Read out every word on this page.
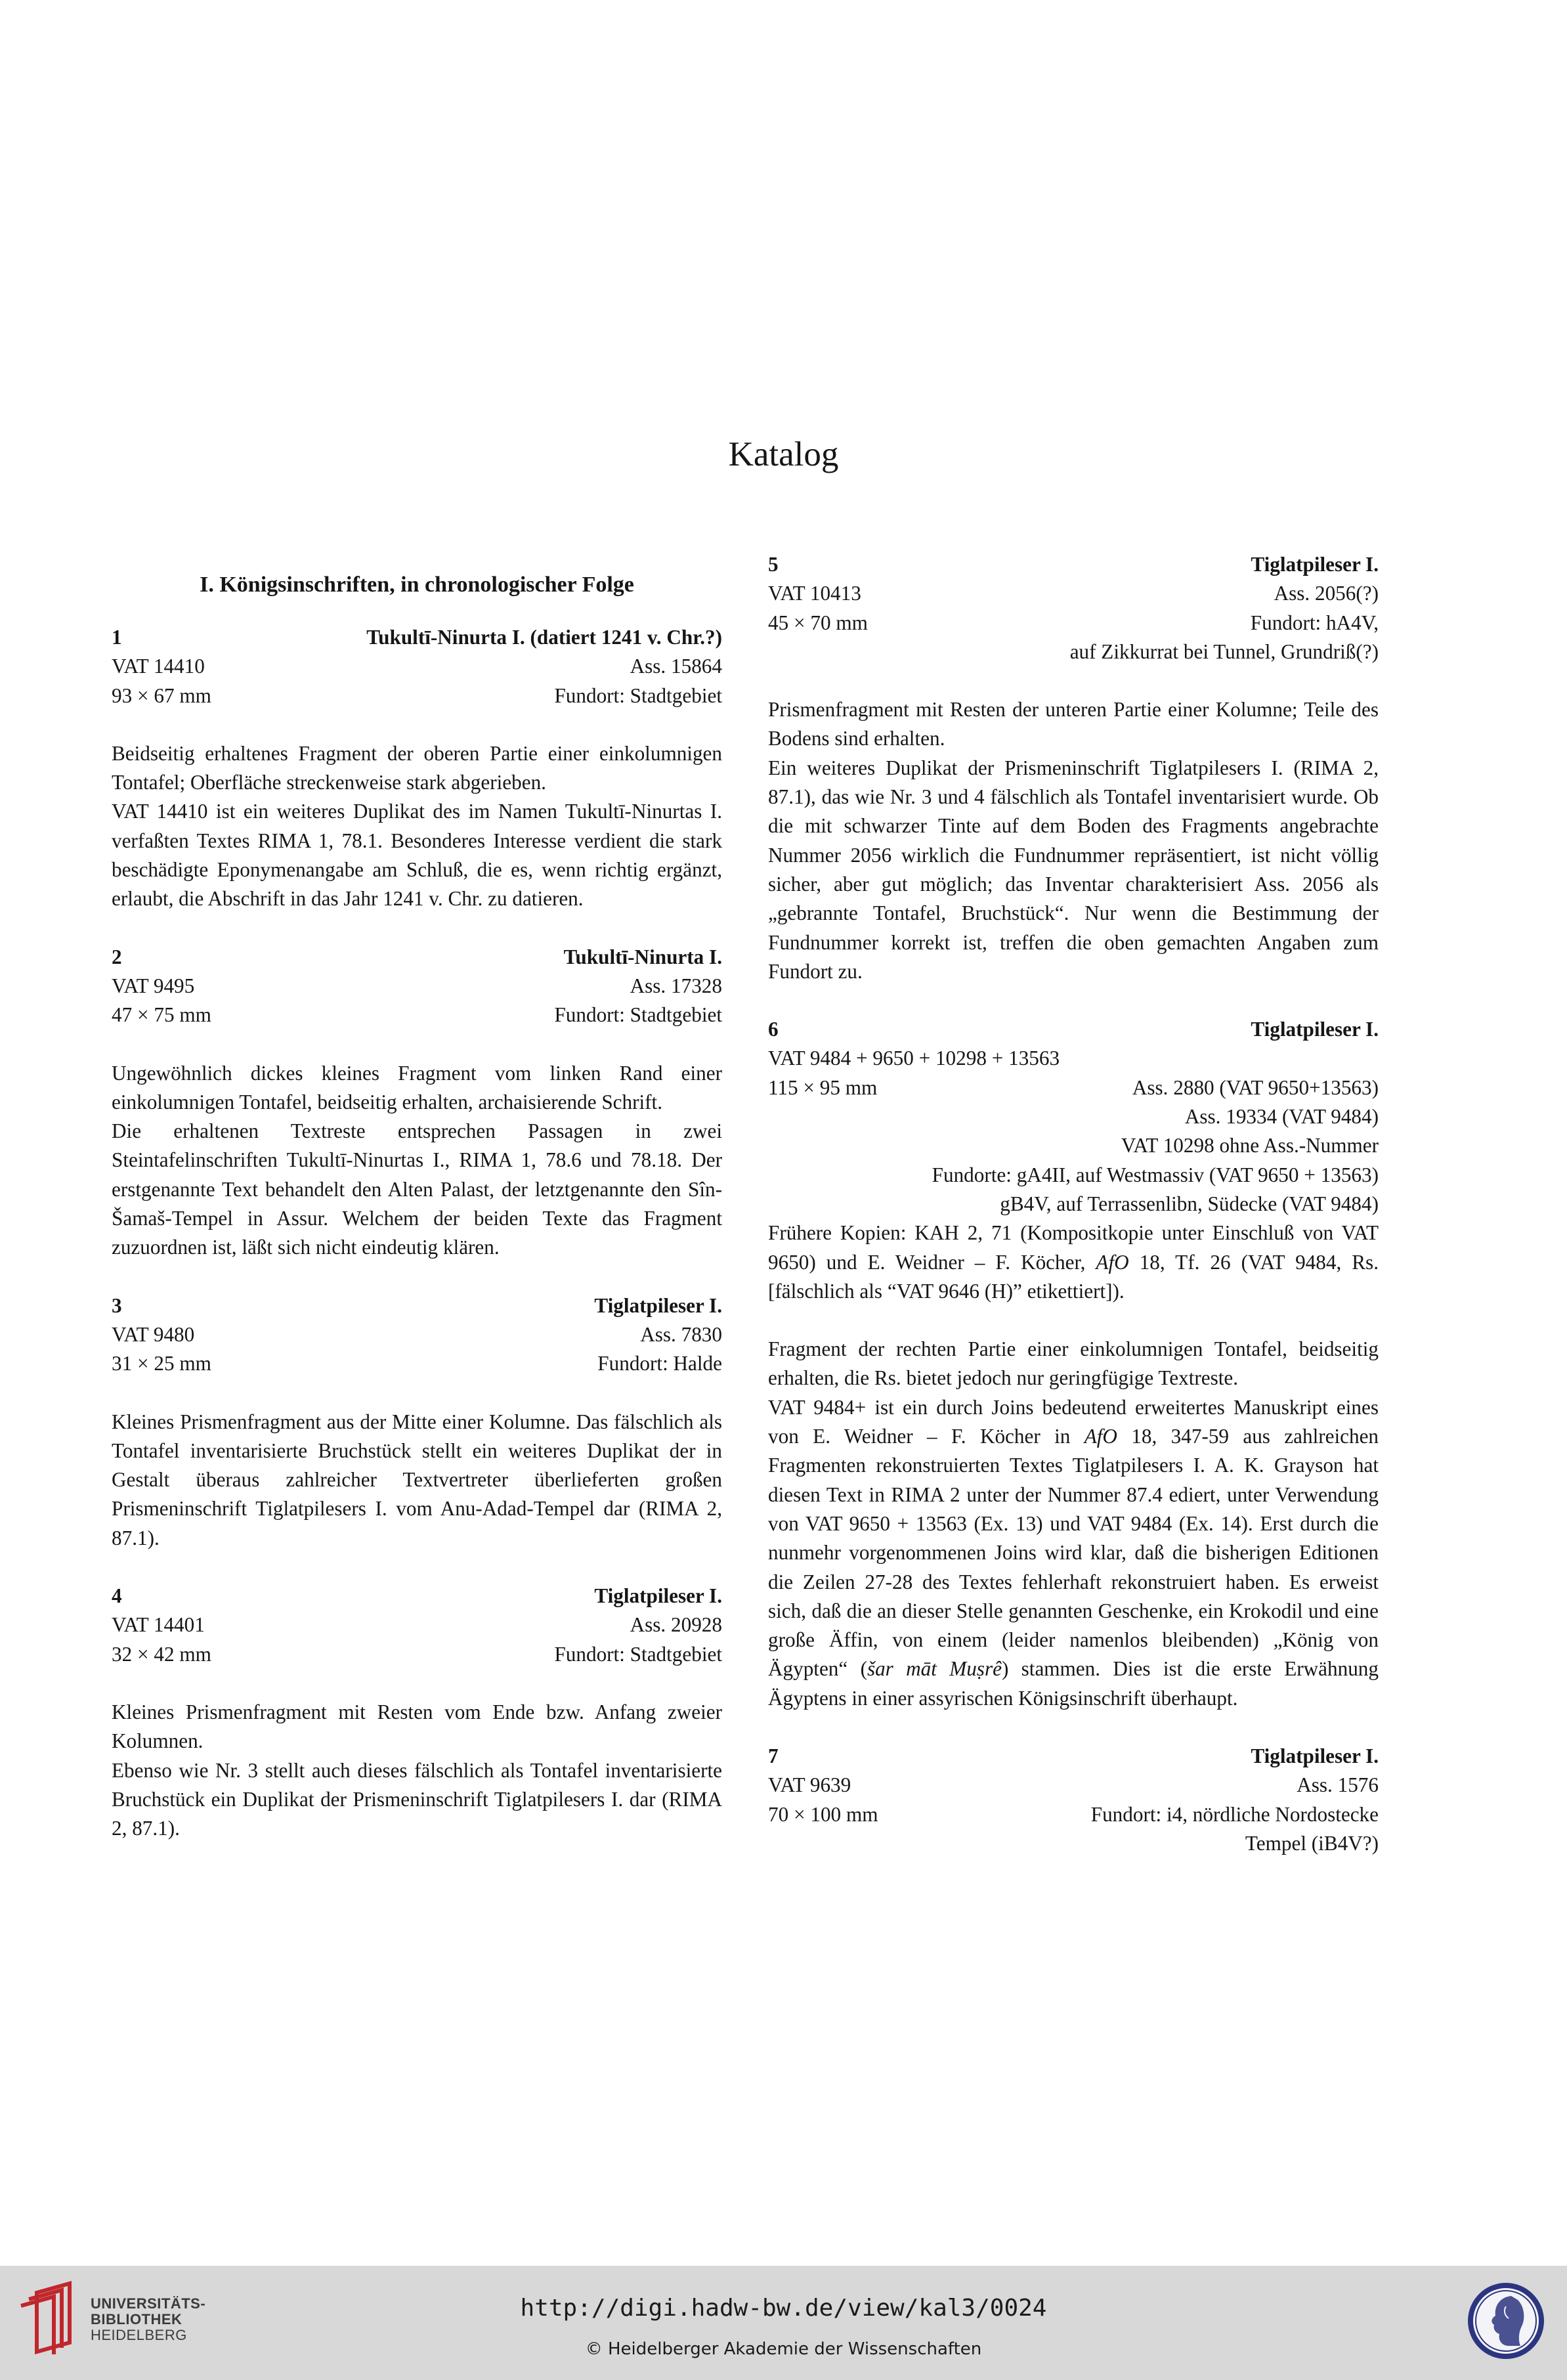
Katalog
I. Königsinschriften, in chronologischer Folge
1	Tukultī-Ninurta I. (datiert 1241 v. Chr.?)
VAT 14410	Ass. 15864
93 × 67 mm	Fundort: Stadtgebiet

Beidseitig erhaltenes Fragment der oberen Partie einer einkolumnigen Tontafel; Oberfläche streckenweise stark abgerieben.

VAT 14410 ist ein weiteres Duplikat des im Namen Tukultī-Ninurtas I. verfaßten Textes RIMA 1, 78.1. Besonderes Interesse verdient die stark beschädigte Eponymenangabe am Schluß, die es, wenn richtig ergänzt, erlaubt, die Abschrift in das Jahr 1241 v. Chr. zu datieren.

2	Tukultī-Ninurta I.
VAT 9495	Ass. 17328
47 × 75 mm	Fundort: Stadtgebiet

Ungewöhnlich dickes kleines Fragment vom linken Rand einer einkolumnigen Tontafel, beidseitig erhalten, archaisierende Schrift.

Die erhaltenen Textreste entsprechen Passagen in zwei Steintafelinschriften Tukultī-Ninurtas I., RIMA 1, 78.6 und 78.18. Der erstgenannte Text behandelt den Alten Palast, der letztgenannte den Sîn-Šamaš-Tempel in Assur. Welchem der beiden Texte das Fragment zuzuordnen ist, läßt sich nicht eindeutig klären.

3	Tiglatpileser I.
VAT 9480	Ass. 7830
31 × 25 mm	Fundort: Halde

Kleines Prismenfragment aus der Mitte einer Kolumne. Das fälschlich als Tontafel inventarisierte Bruchstück stellt ein weiteres Duplikat der in Gestalt überaus zahlreicher Textvertreter überlieferten großen Prismeninschrift Tiglatpilesers I. vom Anu-Adad-Tempel dar (RIMA 2, 87.1).

4	Tiglatpileser I.
VAT 14401	Ass. 20928
32 × 42 mm	Fundort: Stadtgebiet

Kleines Prismenfragment mit Resten vom Ende bzw. Anfang zweier Kolumnen.

Ebenso wie Nr. 3 stellt auch dieses fälschlich als Tontafel inventarisierte Bruchstück ein Duplikat der Prismeninschrift Tiglatpilesers I. dar (RIMA 2, 87.1).

5	Tiglatpileser I.
VAT 10413	Ass. 2056(?)
45 × 70 mm	Fundort: hA4V,
auf Zikkurrat bei Tunnel, Grundriß(?)

Prismenfragment mit Resten der unteren Partie einer Kolumne; Teile des Bodens sind erhalten.

Ein weiteres Duplikat der Prismeninschrift Tiglatpilesers I. (RIMA 2, 87.1), das wie Nr. 3 und 4 fälschlich als Tontafel inventarisiert wurde. Ob die mit schwarzer Tinte auf dem Boden des Fragments angebrachte Nummer 2056 wirklich die Fundnummer repräsentiert, ist nicht völlig sicher, aber gut möglich; das Inventar charakterisiert Ass. 2056 als „gebrannte Tontafel, Bruchstück“. Nur wenn die Bestimmung der Fundnummer korrekt ist, treffen die oben gemachten Angaben zum Fundort zu.

6	Tiglatpileser I.
VAT 9484 + 9650 + 10298 + 13563
115 × 95 mm	Ass. 2880 (VAT 9650+13563)
Ass. 19334 (VAT 9484)
VAT 10298 ohne Ass.-Nummer
Fundorte: gA4II, auf Westmassiv (VAT 9650 + 13563)
gB4V, auf Terrassenlibn, Südecke (VAT 9484)
Frühere Kopien: KAH 2, 71 (Kompositkopie unter Einschluß von VAT 9650) und E. Weidner – F. Köcher, AfO 18, Tf. 26 (VAT 9484, Rs. [fälschlich als “VAT 9646 (H)” etikettiert]).

Fragment der rechten Partie einer einkolumnigen Tontafel, beidseitig erhalten, die Rs. bietet jedoch nur geringfügige Textreste.

VAT 9484+ ist ein durch Joins bedeutend erweitertes Manuskript eines von E. Weidner – F. Köcher in AfO 18, 347-59 aus zahlreichen Fragmenten rekonstruierten Textes Tiglatpilesers I. A. K. Grayson hat diesen Text in RIMA 2 unter der Nummer 87.4 ediert, unter Verwendung von VAT 9650 + 13563 (Ex. 13) und VAT 9484 (Ex. 14). Erst durch die nunmehr vorgenommenen Joins wird klar, daß die bisherigen Editionen die Zeilen 27-28 des Textes fehlerhaft rekonstruiert haben. Es erweist sich, daß die an dieser Stelle genannten Geschenke, ein Krokodil und eine große Äffin, von einem (leider namenlos bleibenden) „König von Ägypten“ (šar māt Muṣrê) stammen. Dies ist die erste Erwähnung Ägyptens in einer assyrischen Königsinschrift überhaupt.

7	Tiglatpileser I.
VAT 9639	Ass. 1576
70 × 100 mm	Fundort: i4, nördliche Nordostecke
Tempel (iB4V?)
UNIVERSITÄTS-
BIBLIOTHEK
HEIDELBERG
http://digi.hadw-bw.de/view/kal3/0024
© Heidelberger Akademie der Wissenschaften
